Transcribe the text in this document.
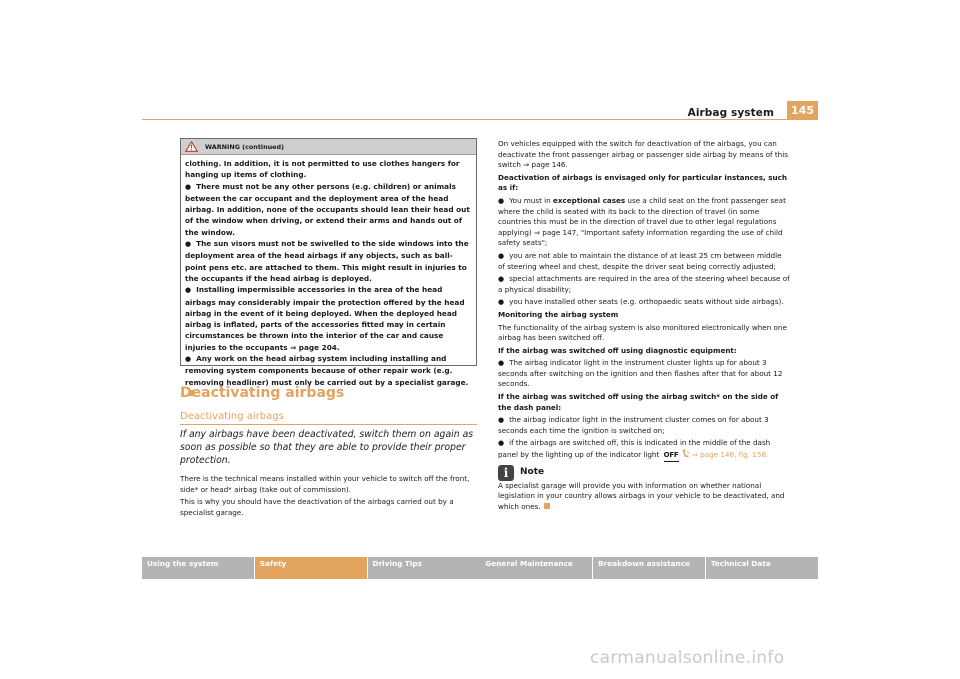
Airbag system	145
WARNING (continued)

clothing. In addition, it is not permitted to use clothes hangers for hanging up items of clothing.

● There must not be any other persons (e.g. children) or animals between the car occupant and the deployment area of the head airbag. In addition, none of the occupants should lean their head out of the window when driving, or extend their arms and hands out of the window.
● The sun visors must not be swivelled to the side windows into the deployment area of the head airbags if any objects, such as ball-point pens etc. are attached to them. This might result in injuries to the occupants if the head airbag is deployed.
● Installing impermissible accessories in the area of the head airbags may considerably impair the protection offered by the head airbag in the event of it being deployed. When the deployed head airbag is inflated, parts of the accessories fitted may in certain circumstances be thrown into the interior of the car and cause injuries to the occupants ⇒ page 204.
● Any work on the head airbag system including installing and removing system components because of other repair work (e.g. removing headliner) must only be carried out by a specialist garage.
Deactivating airbags
Deactivating airbags
If any airbags have been deactivated, switch them on again as soon as possible so that they are able to provide their proper protection.

There is the technical means installed within your vehicle to switch off the front, side* or head* airbag (take out of commission).

This is why you should have the deactivation of the airbags carried out by a specialist garage.

On vehicles equipped with the switch for deactivation of the airbags, you can deactivate the front passenger airbag or passenger side airbag by means of this switch ⇒ page 146.

Deactivation of airbags is envisaged only for particular instances, such as if:

● You must in exceptional cases use a child seat on the front passenger seat where the child is seated with its back to the direction of travel (in some countries this must be in the direction of travel due to other legal regulations applying) ⇒ page 147, "Important safety information regarding the use of child safety seats";

● you are not able to maintain the distance of at least 25 cm between middle of steering wheel and chest, despite the driver seat being correctly adjusted;

● special attachments are required in the area of the steering wheel because of a physical disability;

● you have installed other seats (e.g. orthopaedic seats without side airbags).

Monitoring the airbag system

The functionality of the airbag system is also monitored electronically when one airbag has been switched off.

If the airbag was switched off using diagnostic equipment:

● The airbag indicator light in the instrument cluster lights up for about 3 seconds after switching on the ignition and then flashes after that for about 12 seconds.

If the airbag was switched off using the airbag switch* on the side of the dash panel:

● the airbag indicator light in the instrument cluster comes on for about 3 seconds each time the ignition is switched on;

● if the airbags are switched off, this is indicated in the middle of the dash panel by the lighting up of the indicator light OFF ⇒ page 146, fig. 158.

i	Note

A specialist garage will provide you with information on whether national legislation in your country allows airbags in your vehicle to be deactivated, and which ones.

Using the system	Safety	Driving Tips	General Maintenance	Breakdown assistance	Technical Data
carmanualsonline.info
